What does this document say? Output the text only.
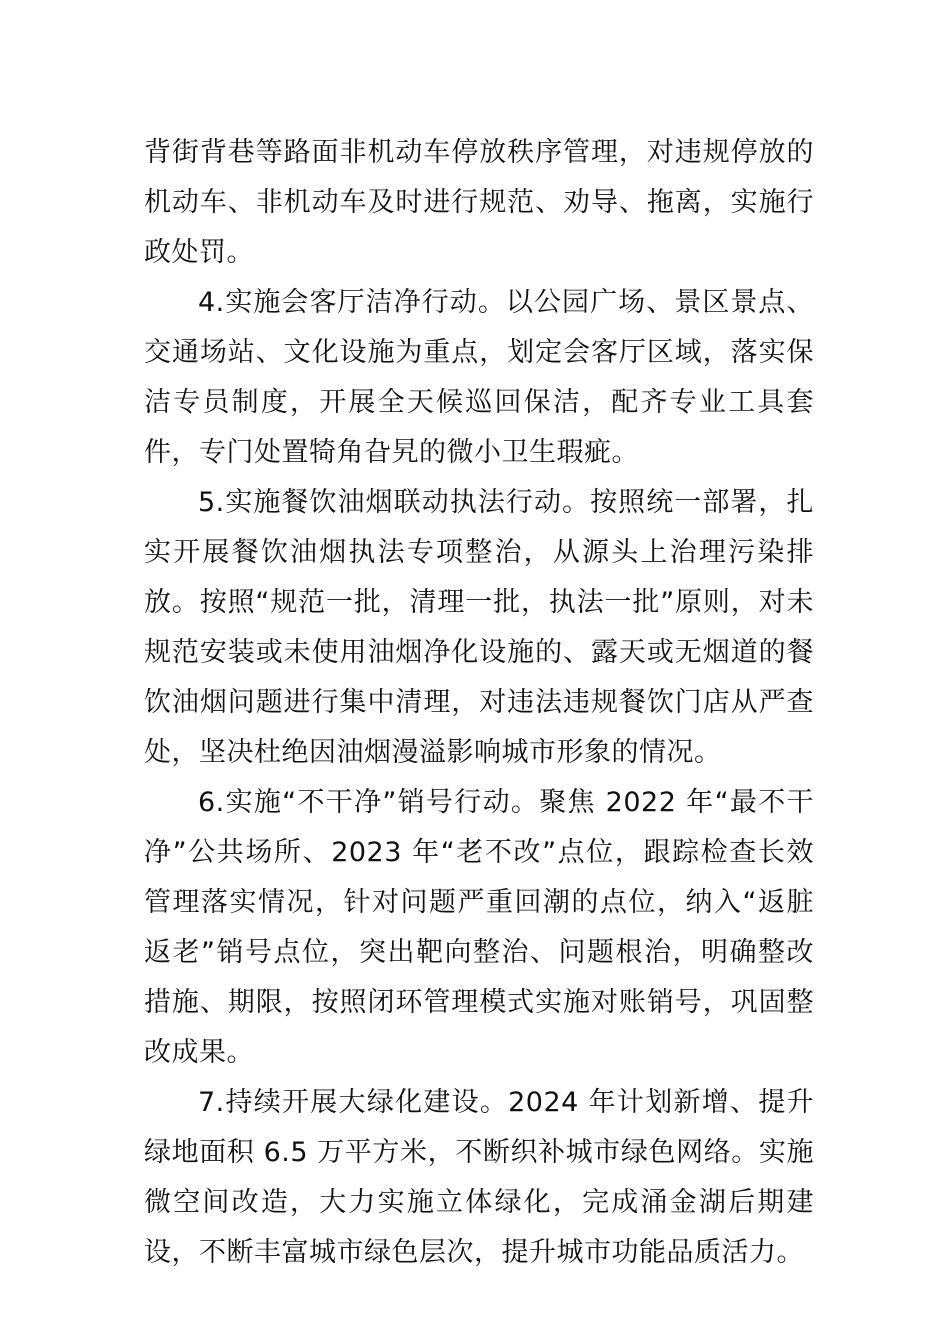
背街背巷等路面非机动车停放秩序管理，对违规停放的机动车、非机动车及时进行规范、劝导、拖离，实施行政处罚。

4.实施会客厅洁净行动。以公园广场、景区景点、交通场站、文化设施为重点，划定会客厅区域，落实保洁专员制度，开展全天候巡回保洁，配齐专业工具套件，专门处置犄角旮旯的微小卫生瑕疵。

5.实施餐饮油烟联动执法行动。按照统一部署，扎实开展餐饮油烟执法专项整治，从源头上治理污染排放。按照“规范一批，清理一批，执法一批”原则，对未规范安装或未使用油烟净化设施的、露天或无烟道的餐饮油烟问题进行集中清理，对违法违规餐饮门店从严查处，坚决杜绝因油烟漫溢影响城市形象的情况。

6.实施“不干净”销号行动。聚焦 2022 年“最不干净”公共场所、2023 年“老不改”点位，跟踪检查长效管理落实情况，针对问题严重回潮的点位，纳入“返脏返老”销号点位，突出靶向整治、问题根治，明确整改措施、期限，按照闭环管理模式实施对账销号，巩固整改成果。

7.持续开展大绿化建设。2024 年计划新增、提升绿地面积 6.5 万平方米，不断织补城市绿色网络。实施微空间改造，大力实施立体绿化，完成涌金湖后期建设，不断丰富城市绿色层次，提升城市功能品质活力。
